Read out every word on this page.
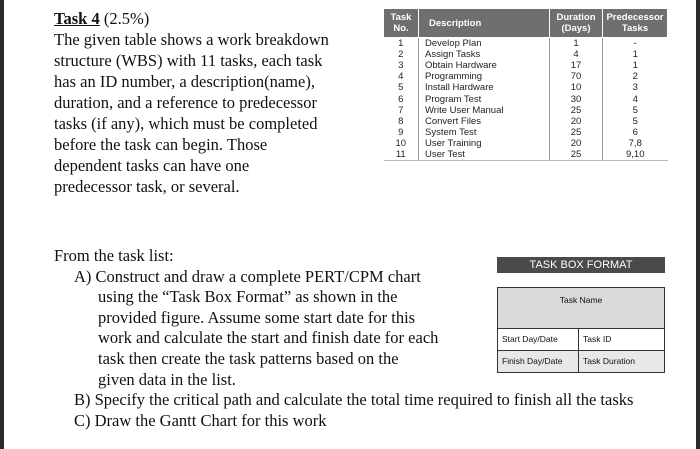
Task 4 (2.5%)
The given table shows a work breakdown
structure (WBS) with 11 tasks, each task
has an ID number, a description(name),
duration, and a reference to predecessor
tasks (if any), which must be completed
before the task can begin. Those
dependent tasks can have one
predecessor task, or several.
Task No.	Description	Duration (Days)	Predecessor Tasks
1	Develop Plan	1	-
2	Assign Tasks	4	1
3	Obtain Hardware	17	1
4	Programming	70	2
5	Install Hardware	10	3
6	Program Test	30	4
7	Write User Manual	25	5
8	Convert Files	20	5
9	System Test	25	6
10	User Training	20	7,8
11	User Test	25	9,10
From the task list:
A) Construct and draw a complete PERT/CPM chart
using the “Task Box Format” as shown in the
provided figure. Assume some start date for this
work and calculate the start and finish date for each
task then create the task patterns based on the
given data in the list.
B) Specify the critical path and calculate the total time required to finish all the tasks
C) Draw the Gantt Chart for this work
TASK BOX FORMAT
Task Name
Start Day/Date	Task ID
Finish Day/Date	Task Duration
